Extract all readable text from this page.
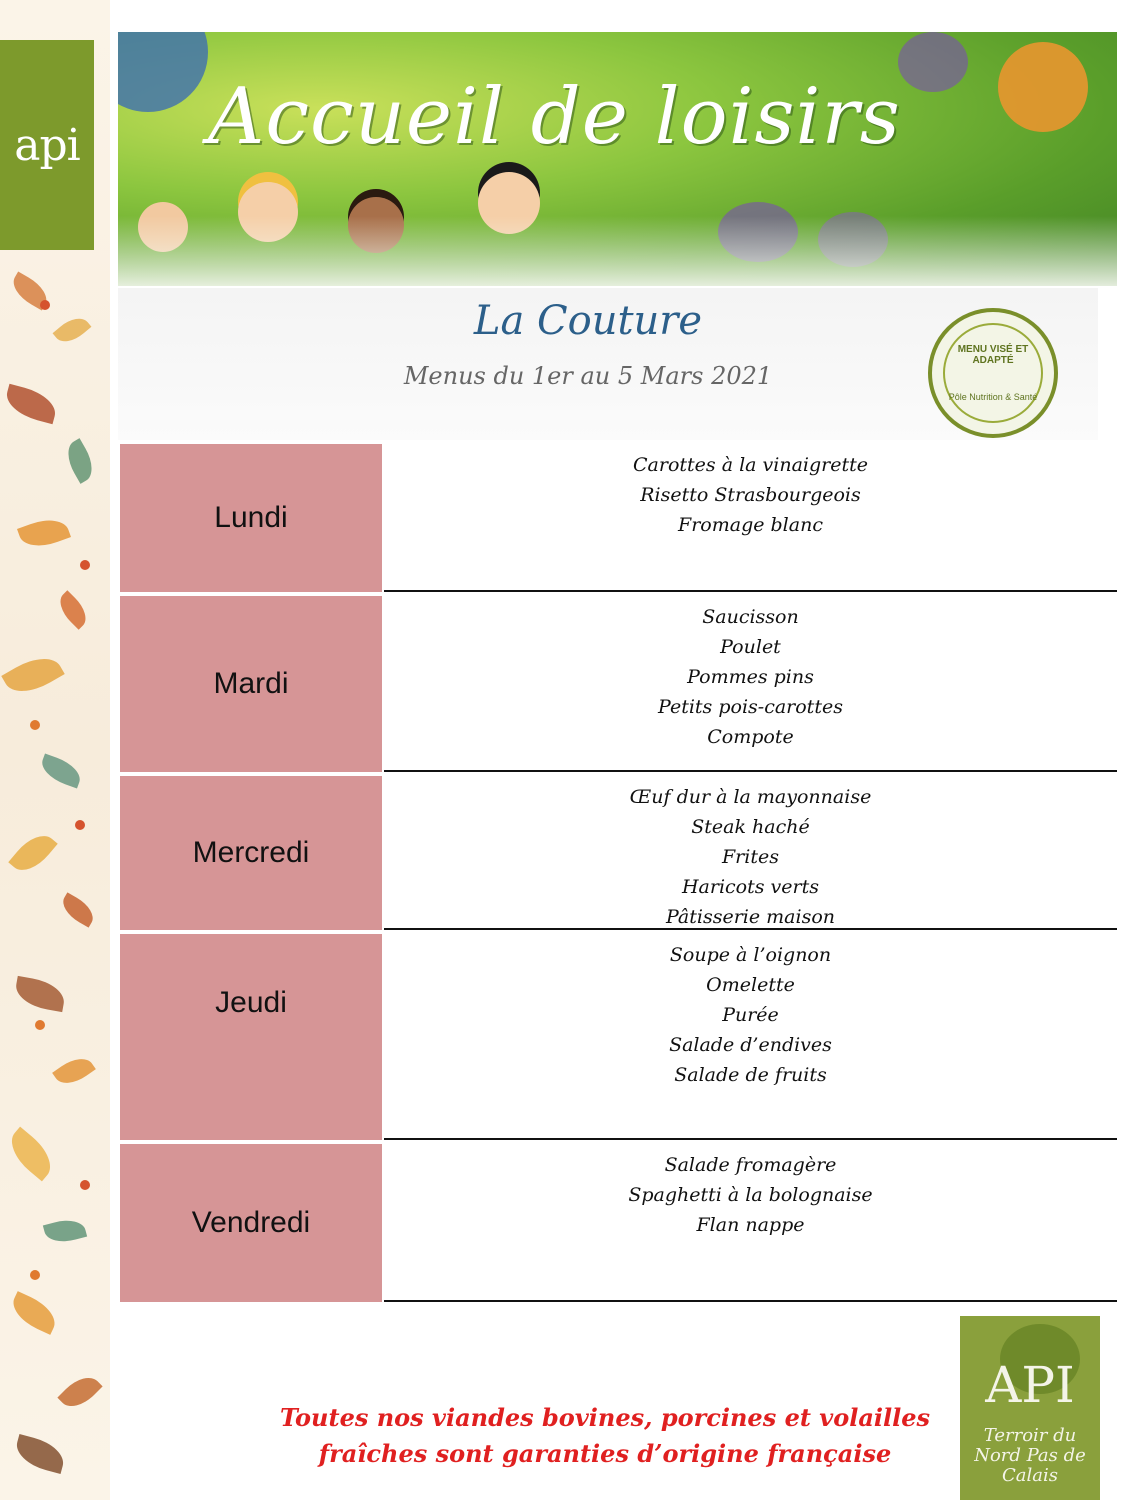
api Accueil de loisirs
La Couture
Menus du 1er au 5 Mars 2021
MENU VISÉ ET ADAPTÉ
Pôle Nutrition & Santé
Lundi
Carottes à la vinaigrette
Risetto Strasbourgeois
Fromage blanc
Mardi
Saucisson
Poulet
Pommes pins
Petits pois-carottes
Compote
Mercredi
Œuf dur à la mayonnaise
Steak haché
Frites
Haricots verts
Pâtisserie maison
Jeudi
Soupe à l’oignon
Omelette
Purée
Salade d’endives
Salade de fruits
Vendredi
Salade fromagère
Spaghetti à la bolognaise
Flan nappe
Toutes nos viandes bovines, porcines et volailles
fraîches sont garanties d’origine française
API
Terroir du Nord Pas de Calais
